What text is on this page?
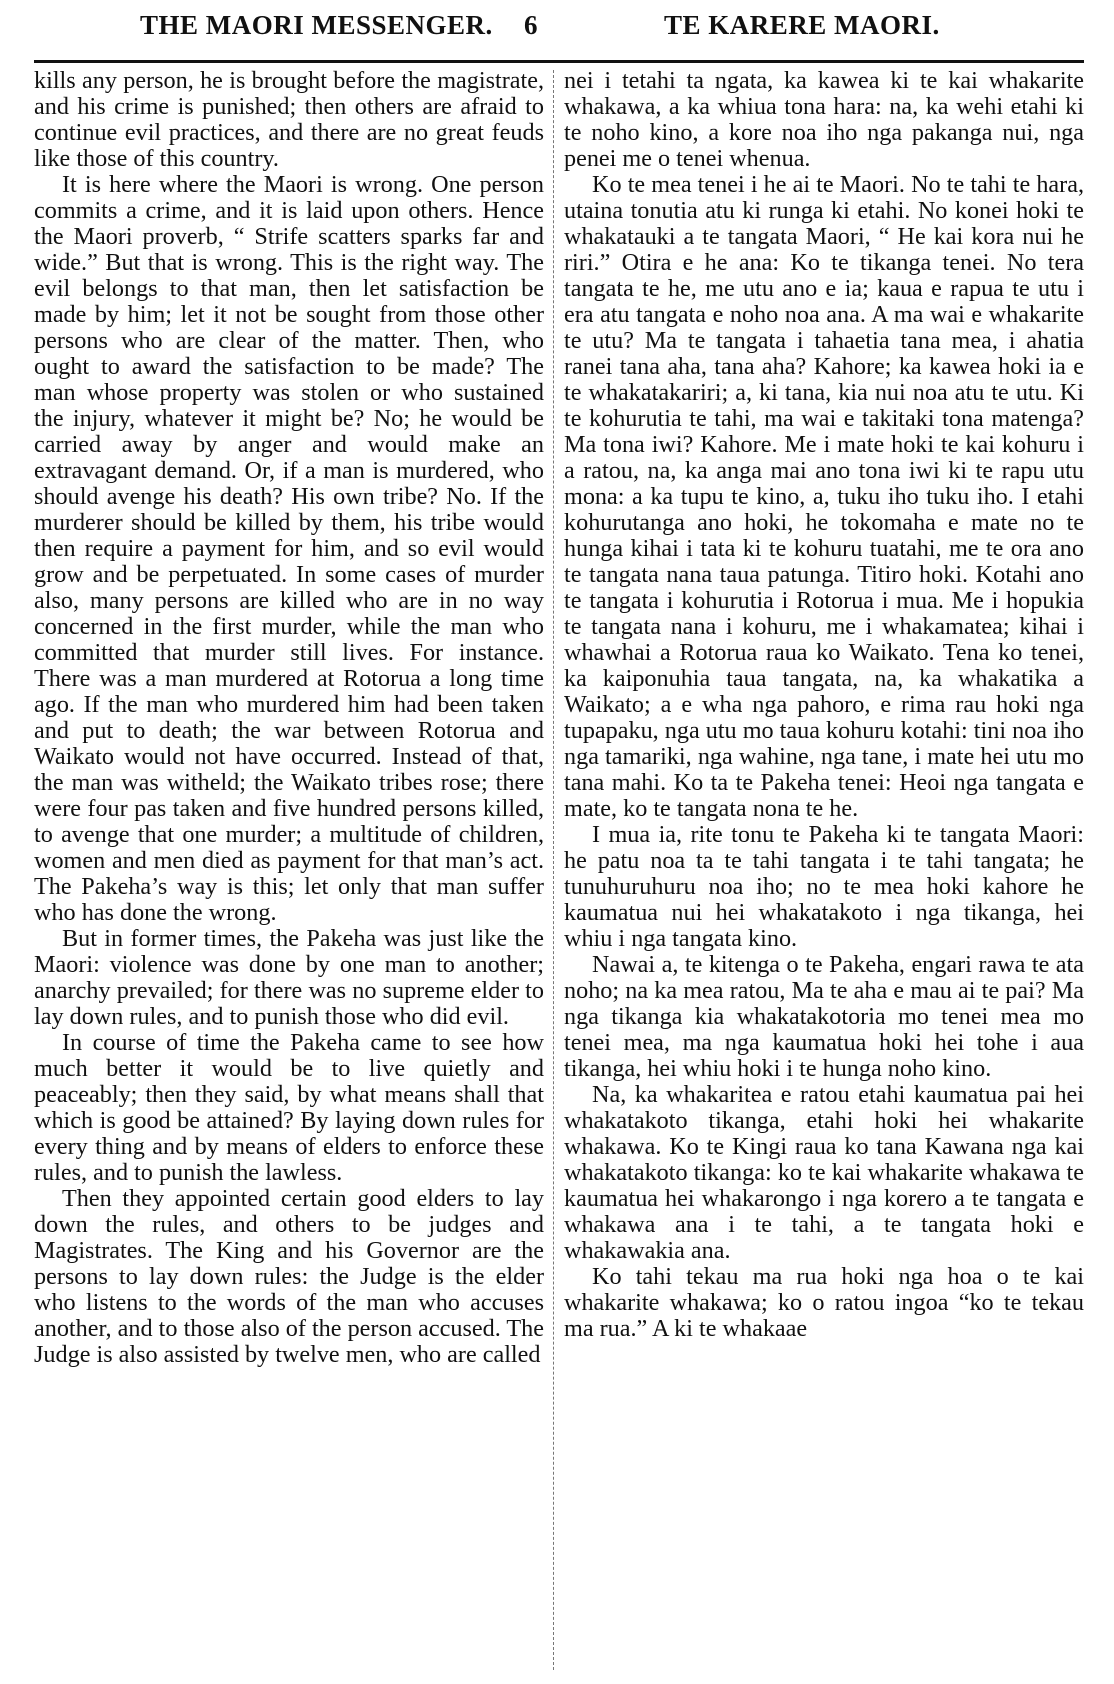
THE MAORI MESSENGER. 6	TE KARERE MAORI.

kills any person, he is brought before the magistrate, and his crime is punished; then others are afraid to continue evil practices, and there are no great feuds like those of this country.

It is here where the Maori is wrong. One person commits a crime, and it is laid upon others. Hence the Maori proverb, “ Strife scatters sparks far and wide.” But that is wrong. This is the right way. The evil belongs to that man, then let satisfaction be made by him; let it not be sought from those other persons who are clear of the matter. Then, who ought to award the satisfaction to be made? The man whose property was stolen or who sustained the injury, whatever it might be? No; he would be carried away by anger and would make an extravagant demand. Or, if a man is murdered, who should avenge his death? His own tribe? No. If the murderer should be killed by them, his tribe would then require a payment for him, and so evil would grow and be perpetuated. In some cases of murder also, many persons are killed who are in no way concerned in the first murder, while the man who committed that murder still lives. For instance. There was a man murdered at Rotorua a long time ago. If the man who murdered him had been taken and put to death; the war between Rotorua and Waikato would not have occurred. Instead of that, the man was witheld; the Waikato tribes rose; there were four pas taken and five hundred persons killed, to avenge that one murder; a multitude of children, women and men died as payment for that man’s act. The Pakeha’s way is this; let only that man suffer who has done the wrong.

But in former times, the Pakeha was just like the Maori: violence was done by one man to another; anarchy prevailed; for there was no supreme elder to lay down rules, and to punish those who did evil.

In course of time the Pakeha came to see how much better it would be to live quietly and peaceably; then they said, by what means shall that which is good be attained? By laying down rules for every thing and by means of elders to enforce these rules, and to punish the lawless.

Then they appointed certain good elders to lay down the rules, and others to be judges and Magistrates. The King and his Governor are the persons to lay down rules: the Judge is the elder who listens to the words of the man who accuses another, and to those also of the person accused. The Judge is also assisted by twelve men, who are called

nei i tetahi ta ngata, ka kawea ki te kai whakarite whakawa, a ka whiua tona hara: na, ka wehi etahi ki te noho kino, a kore noa iho nga pakanga nui, nga penei me o tenei whenua.

Ko te mea tenei i he ai te Maori. No te tahi te hara, utaina tonutia atu ki runga ki etahi. No konei hoki te whakatauki a te tangata Maori, “ He kai kora nui he riri.” Otira e he ana: Ko te tikanga tenei. No tera tangata te he, me utu ano e ia; kaua e rapua te utu i era atu tangata e noho noa ana. A ma wai e whakarite te utu? Ma te tangata i tahaetia tana mea, i ahatia ranei tana aha, tana aha? Kahore; ka kawea hoki ia e te whakatakariri; a, ki tana, kia nui noa atu te utu. Ki te kohurutia te tahi, ma wai e takitaki tona matenga? Ma tona iwi? Kahore. Me i mate hoki te kai kohuru i a ratou, na, ka anga mai ano tona iwi ki te rapu utu mona: a ka tupu te kino, a, tuku iho tuku iho. I etahi kohurutanga ano hoki, he tokomaha e mate no te hunga kihai i tata ki te kohuru tuatahi, me te ora ano te tangata nana taua patunga. Titiro hoki. Kotahi ano te tangata i kohurutia i Rotorua i mua. Me i hopukia te tangata nana i kohuru, me i whakamatea; kihai i whawhai a Rotorua raua ko Waikato. Tena ko tenei, ka kaiponuhia taua tangata, na, ka whakatika a Waikato; a e wha nga pahoro, e rima rau hoki nga tupapaku, nga utu mo taua kohuru kotahi: tini noa iho nga tamariki, nga wahine, nga tane, i mate hei utu mo tana mahi. Ko ta te Pakeha tenei: Heoi nga tangata e mate, ko te tangata nona te he.

I mua ia, rite tonu te Pakeha ki te tangata Maori: he patu noa ta te tahi tangata i te tahi tangata; he tunuhuruhuru noa iho; no te mea hoki kahore he kaumatua nui hei whakatakoto i nga tikanga, hei whiu i nga tangata kino.

Nawai a, te kitenga o te Pakeha, engari rawa te ata noho; na ka mea ratou, Ma te aha e mau ai te pai? Ma nga tikanga kia whakatakotoria mo tenei mea mo tenei mea, ma nga kaumatua hoki hei tohe i aua tikanga, hei whiu hoki i te hunga noho kino.

Na, ka whakaritea e ratou etahi kaumatua pai hei whakatakoto tikanga, etahi hoki hei whakarite whakawa. Ko te Kingi raua ko tana Kawana nga kai whakatakoto tikanga: ko te kai whakarite whakawa te kaumatua hei whakarongo i nga korero a te tangata e whakawa ana i te tahi, a te tangata hoki e whakawakia ana.

Ko tahi tekau ma rua hoki nga hoa o te kai whakarite whakawa; ko o ratou ingoa “ko te tekau ma rua.” A ki te whakaae
